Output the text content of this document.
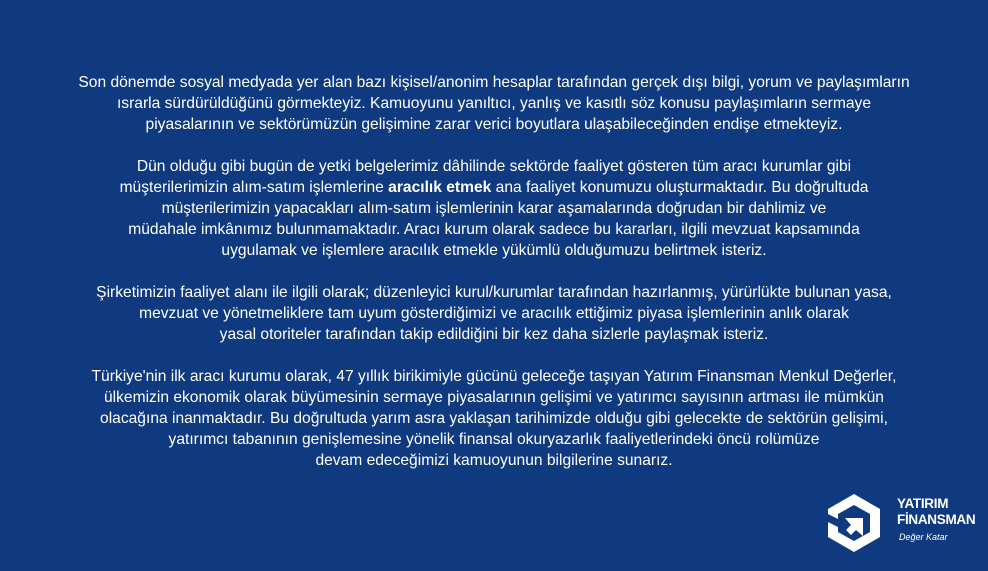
Son dönemde sosyal medyada yer alan bazı kişisel/anonim hesaplar tarafından gerçek dışı bilgi, yorum ve paylaşımların
ısrarla sürdürüldüğünü görmekteyiz. Kamuoyunu yanıltıcı, yanlış ve kasıtlı söz konusu paylaşımların sermaye
piyasalarının ve sektörümüzün gelişimine zarar verici boyutlara ulaşabileceğinden endişe etmekteyiz.

Dün olduğu gibi bugün de yetki belgelerimiz dâhilinde sektörde faaliyet gösteren tüm aracı kurumlar gibi
müşterilerimizin alım-satım işlemlerine aracılık etmek ana faaliyet konumuzu oluşturmaktadır. Bu doğrultuda
müşterilerimizin yapacakları alım-satım işlemlerinin karar aşamalarında doğrudan bir dahlimiz ve
müdahale imkânımız bulunmamaktadır. Aracı kurum olarak sadece bu kararları, ilgili mevzuat kapsamında
uygulamak ve işlemlere aracılık etmekle yükümlü olduğumuzu belirtmek isteriz.

Şirketimizin faaliyet alanı ile ilgili olarak; düzenleyici kurul/kurumlar tarafından hazırlanmış, yürürlükte bulunan yasa,
mevzuat ve yönetmeliklere tam uyum gösterdiğimizi ve aracılık ettiğimiz piyasa işlemlerinin anlık olarak
yasal otoriteler tarafından takip edildiğini bir kez daha sizlerle paylaşmak isteriz.

Türkiye'nin ilk aracı kurumu olarak, 47 yıllık birikimiyle gücünü geleceğe taşıyan Yatırım Finansman Menkul Değerler,
ülkemizin ekonomik olarak büyümesinin sermaye piyasalarının gelişimi ve yatırımcı sayısının artması ile mümkün
olacağına inanmaktadır. Bu doğrultuda yarım asra yaklaşan tarihimizde olduğu gibi gelecekte de sektörün gelişimi,
yatırımcı tabanının genişlemesine yönelik finansal okuryazarlık faaliyetlerindeki öncü rolümüze
devam edeceğimizi kamuoyunun bilgilerine sunarız.

YATIRIM
FİNANSMAN
Değer Katar
